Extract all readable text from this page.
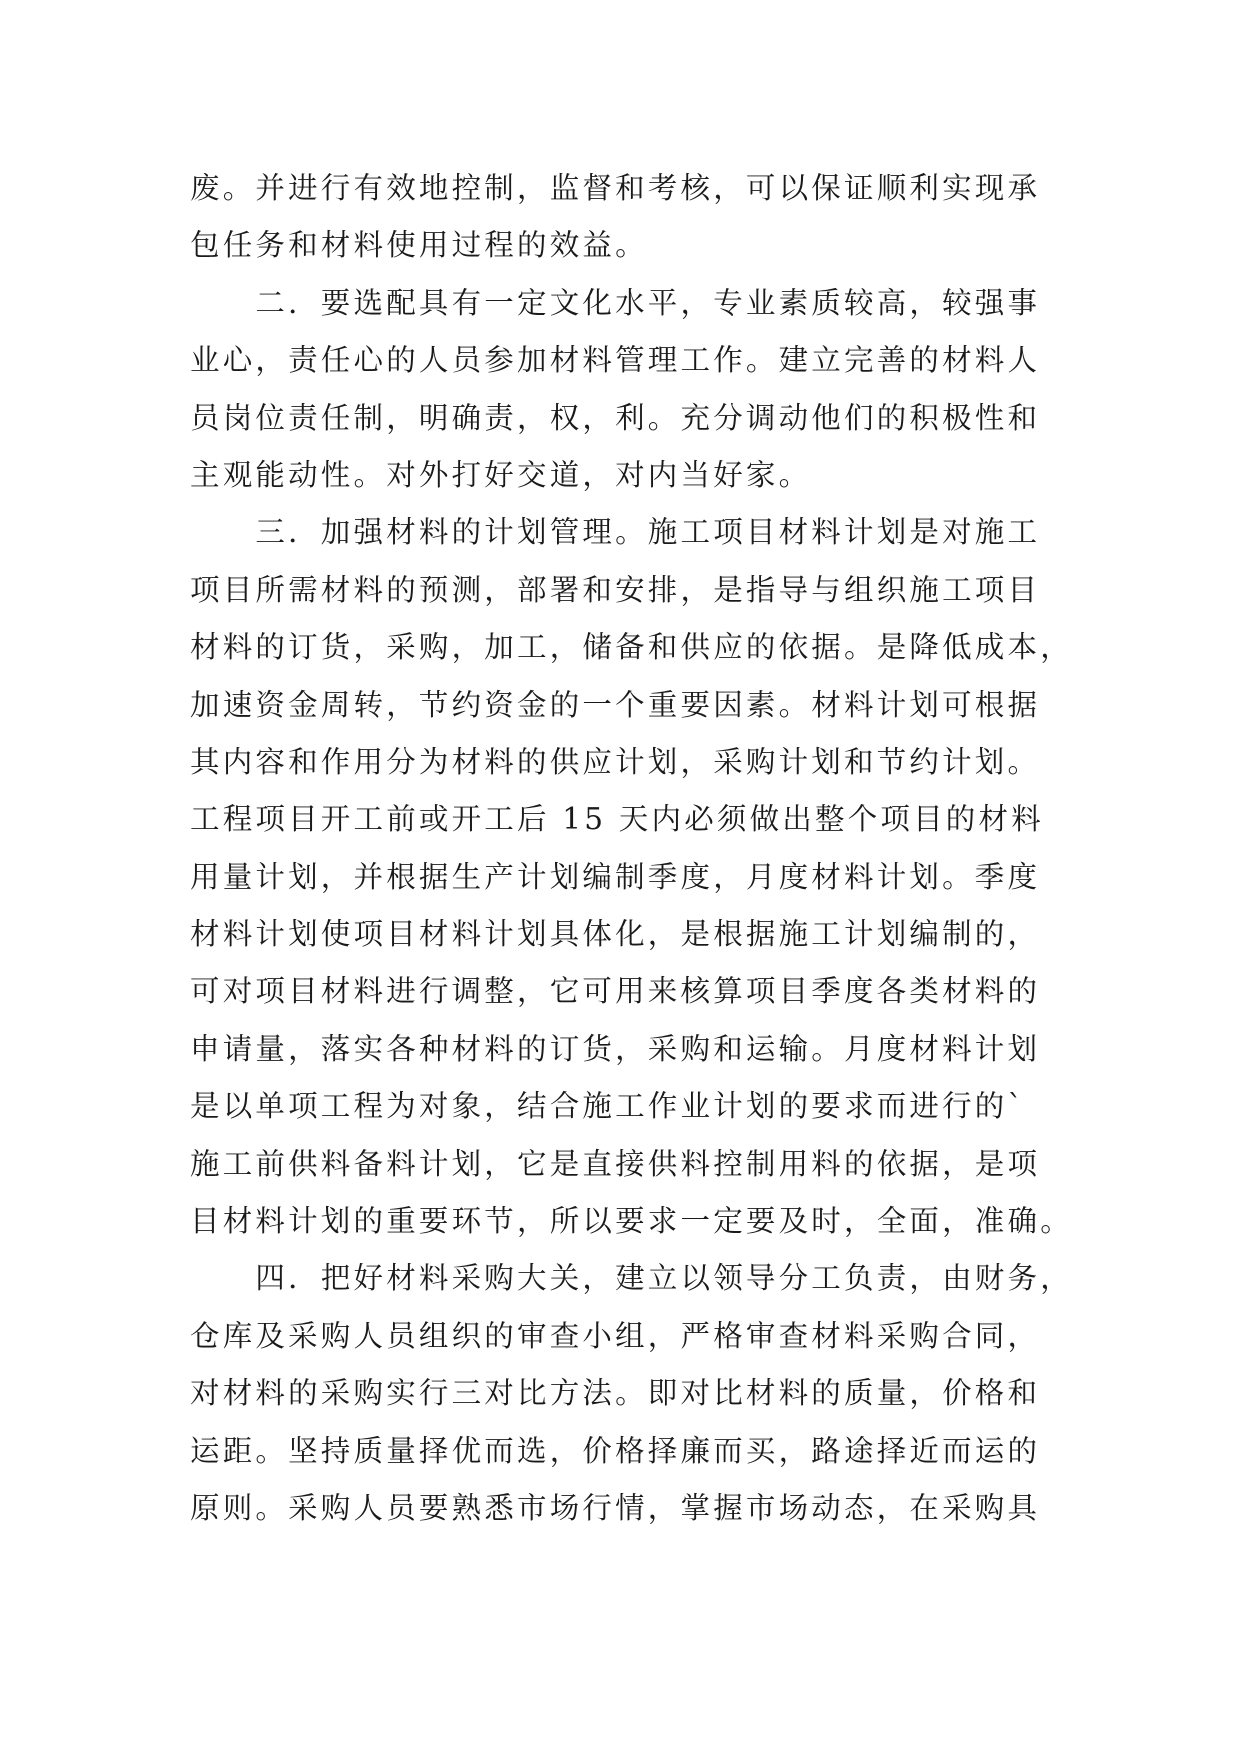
废。并进行有效地控制，监督和考核，可以保证顺利实现承
包任务和材料使用过程的效益。
　　二．要选配具有一定文化水平，专业素质较高，较强事
业心，责任心的人员参加材料管理工作。建立完善的材料人
员岗位责任制，明确责，权，利。充分调动他们的积极性和
主观能动性。对外打好交道，对内当好家。
　　三．加强材料的计划管理。施工项目材料计划是对施工
项目所需材料的预测，部署和安排，是指导与组织施工项目
材料的订货，采购，加工，储备和供应的依据。是降低成本，
加速资金周转，节约资金的一个重要因素。材料计划可根据
其内容和作用分为材料的供应计划，采购计划和节约计划。
工程项目开工前或开工后 15 天内必须做出整个项目的材料
用量计划，并根据生产计划编制季度，月度材料计划。季度
材料计划使项目材料计划具体化，是根据施工计划编制的，
可对项目材料进行调整，它可用来核算项目季度各类材料的
申请量，落实各种材料的订货，采购和运输。月度材料计划
是以单项工程为对象，结合施工作业计划的要求而进行的`
施工前供料备料计划，它是直接供料控制用料的依据，是项
目材料计划的重要环节，所以要求一定要及时，全面，准确。
　　四．把好材料采购大关，建立以领导分工负责，由财务，
仓库及采购人员组织的审查小组，严格审查材料采购合同，
对材料的采购实行三对比方法。即对比材料的质量，价格和
运距。坚持质量择优而选，价格择廉而买，路途择近而运的
原则。采购人员要熟悉市场行情，掌握市场动态，在采购具
